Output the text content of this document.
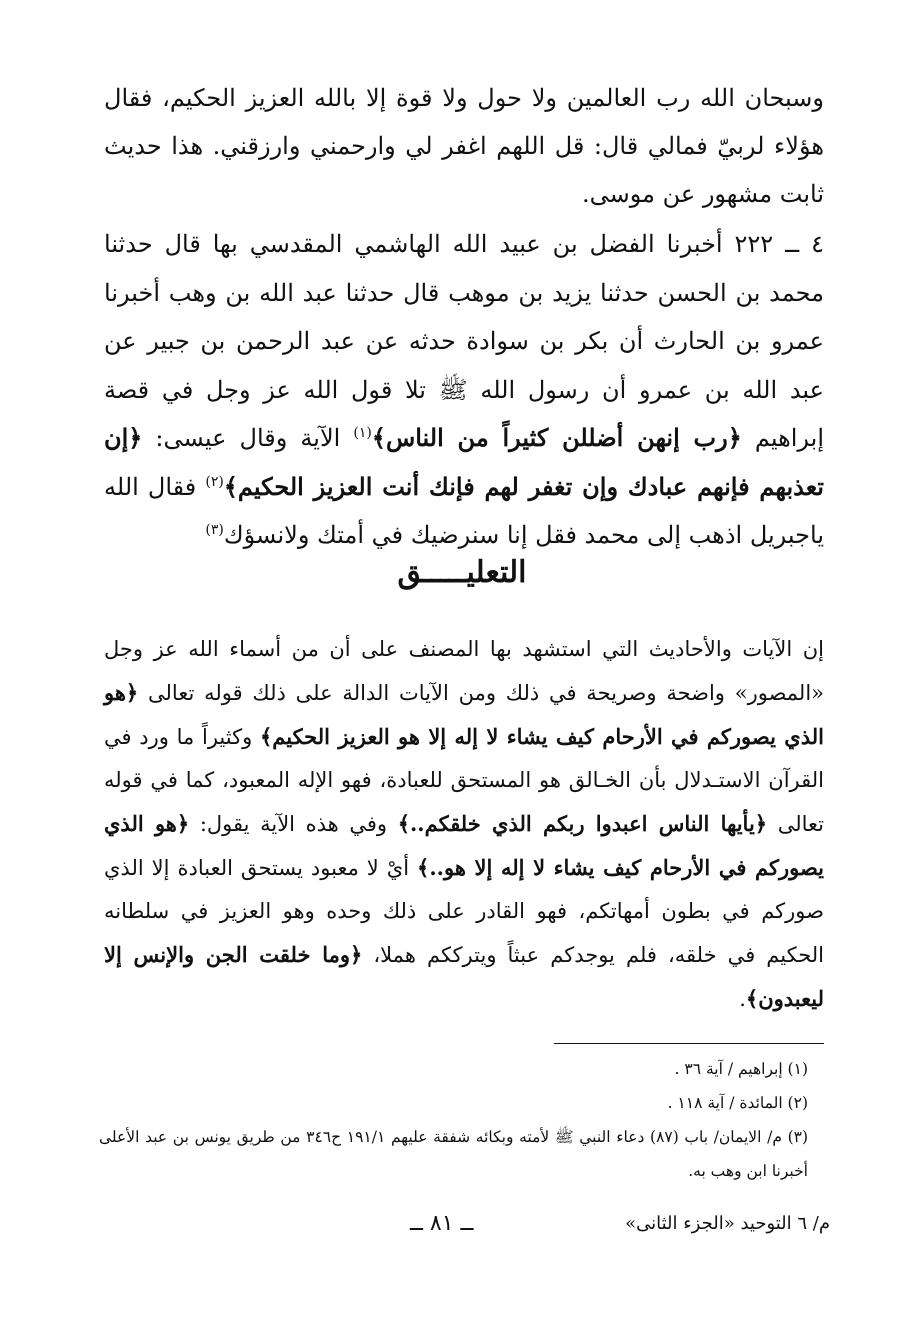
وسبحان الله رب العالمين ولا حول ولا قوة إلا بالله العزيز الحكيم، فقال هؤلاء لربيّ فمالي قال: قل اللهم اغفر لي وارحمني وارزقني. هذا حديث ثابت مشهور عن موسى.

٤ ــ ٢٢٢ أخبرنا الفضل بن عبيد الله الهاشمي المقدسي بها قال حدثنا محمد بن الحسن حدثنا يزيد بن موهب قال حدثنا عبد الله بن وهب أخبرنا عمرو بن الحارث أن بكر بن سوادة حدثه عن عبد الرحمن بن جبير عن عبد الله بن عمرو أن رسول الله ﷺ تلا قول الله عز وجل في قصة إبراهيم ﴿رب إنهن أضللن كثيراً من الناس﴾$^{(١)}$ الآية وقال عيسى: ﴿إن تعذبهم فإنهم عبادك وإن تغفر لهم فإنك أنت العزيز الحكيم﴾$^{(٢)}$ فقال الله ياجبريل اذهب إلى محمد فقل إنا سنرضيك في أمتك ولانسؤك$^{(٣)}$

التعليـــــق

إن الآيات والأحاديث التي استشهد بها المصنف على أن من أسماء الله عز وجل «المصور» واضحة وصريحة في ذلك ومن الآيات الدالة على ذلك قوله تعالى ﴿هو الذي يصوركم في الأرحام كيف يشاء لا إله إلا هو العزيز الحكيم﴾ وكثيراً ما ورد في القرآن الاستـدلال بأن الخـالق هو المستحق للعبادة، فهو الإله المعبود، كما في قوله تعالى ﴿يأيها الناس اعبدوا ربكم الذي خلقكم..﴾ وفي هذه الآية يقول: ﴿هو الذي يصوركم في الأرحام كيف يشاء لا إله إلا هو..﴾ أيْ لا معبود يستحق العبادة إلا الذي صوركم في بطون أمهاتكم، فهو القادر على ذلك وحده وهو العزيز في سلطانه الحكيم في خلقه، فلم يوجدكم عبثاً ويترككم هملا، ﴿وما خلقت الجن والإنس إلا ليعبدون﴾.

(١) إبراهيم / آية ٣٦ .

(٢) المائدة / آية ١١٨ .

(٣) م/ الايمان/ باب (٨٧) دعاء النبي ﷺ لأمته وبكائه شفقة عليهم ١٩١/١ ح٣٤٦ من طريق يونس بن عبد الأعلى أخبرنا ابن وهب به.

م/ ٦ التوحيد «الجزء الثانى»
ــ ٨١ ــ
